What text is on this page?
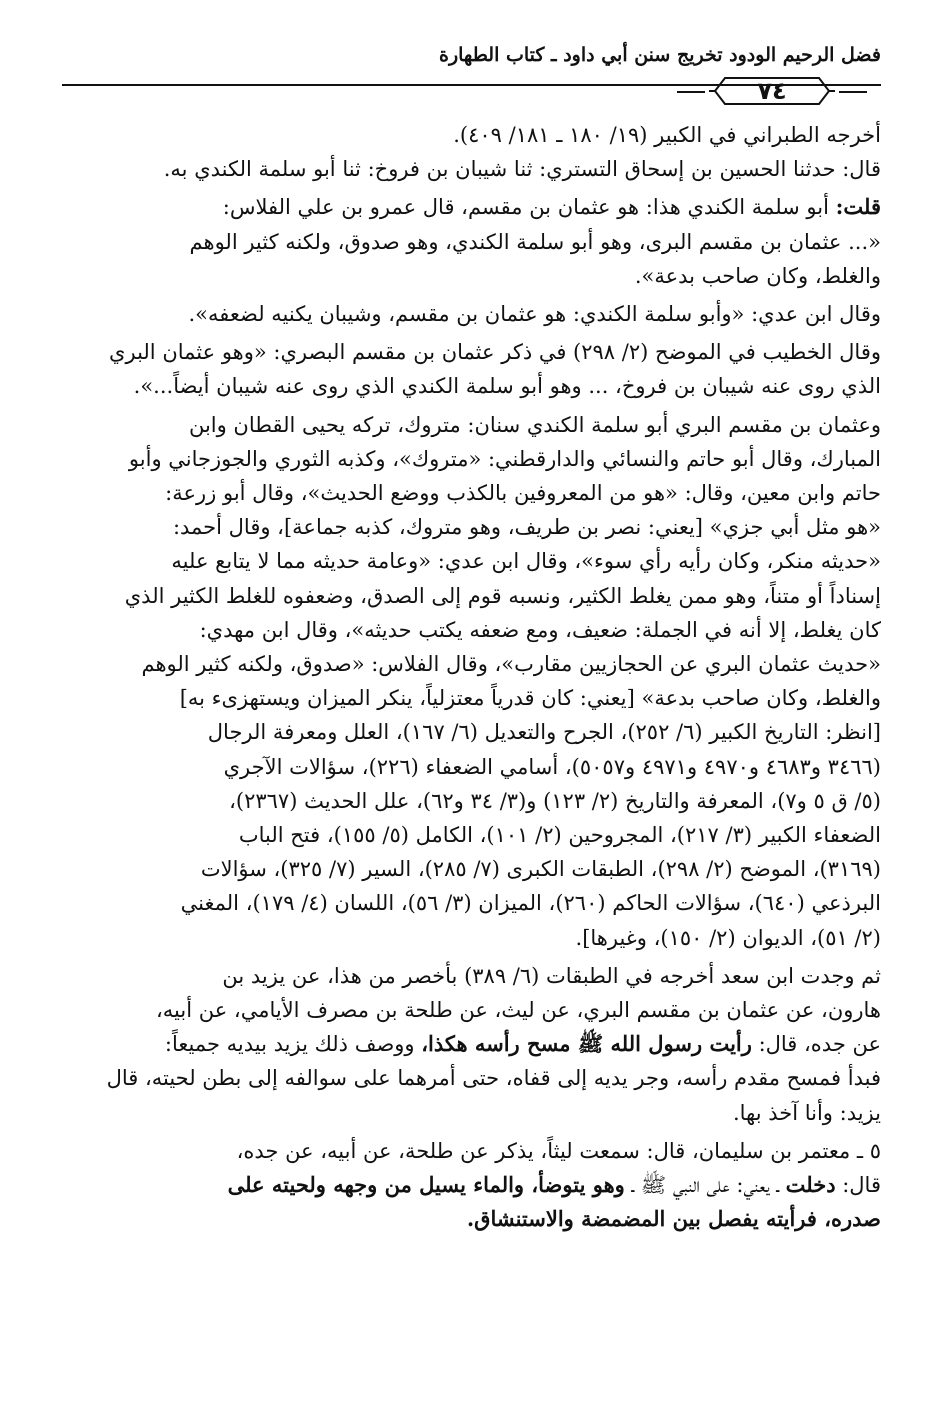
فضل الرحيم الودود تخريج سنن أبي داود ـ كتاب الطهارة
٧٤
أخرجه الطبراني في الكبير (١٩/ ١٨٠ ـ ١٨١/ ٤٠٩).
قال: حدثنا الحسين بن إسحاق التستري: ثنا شيبان بن فروخ: ثنا أبو سلمة الكندي به.
قلت: أبو سلمة الكندي هذا: هو عثمان بن مقسم، قال عمرو بن علي الفلاس:
«... عثمان بن مقسم البرى، وهو أبو سلمة الكندي، وهو صدوق، ولكنه كثير الوهم
والغلط، وكان صاحب بدعة».
وقال ابن عدي: «وأبو سلمة الكندي: هو عثمان بن مقسم، وشيبان يكنيه لضعفه».
وقال الخطيب في الموضح (٢/ ٢٩٨) في ذكر عثمان بن مقسم البصري: «وهو عثمان البري
الذي روى عنه شيبان بن فروخ، ... وهو أبو سلمة الكندي الذي روى عنه شيبان أيضاً...».
وعثمان بن مقسم البري أبو سلمة الكندي سنان: متروك، تركه يحيى القطان وابن
المبارك، وقال أبو حاتم والنسائي والدارقطني: «متروك»، وكذبه الثوري والجوزجاني وأبو
حاتم وابن معين، وقال: «هو من المعروفين بالكذب ووضع الحديث»، وقال أبو زرعة:
«هو مثل أبي جزي» [يعني: نصر بن طريف، وهو متروك، كذبه جماعة]، وقال أحمد:
«حديثه منكر، وكان رأيه رأي سوء»، وقال ابن عدي: «وعامة حديثه مما لا يتابع عليه
إسناداً أو متناً، وهو ممن يغلط الكثير، ونسبه قوم إلى الصدق، وضعفوه للغلط الكثير الذي
كان يغلط، إلا أنه في الجملة: ضعيف، ومع ضعفه يكتب حديثه»، وقال ابن مهدي:
«حديث عثمان البري عن الحجازيين مقارب»، وقال الفلاس: «صدوق، ولكنه كثير الوهم
والغلط، وكان صاحب بدعة» [يعني: كان قدرياً معتزلياً، ينكر الميزان ويستهزىء به]
[انظر: التاريخ الكبير (٦/ ٢٥٢)، الجرح والتعديل (٦/ ١٦٧)، العلل ومعرفة الرجال
(٣٤٦٦ و٤٦٨٣ و٤٩٧٠ و٤٩٧١ و٥٠٥٧)، أسامي الضعفاء (٢٢٦)، سؤالات الآجري
(٥/ ق ٥ و٧)، المعرفة والتاريخ (٢/ ١٢٣) و(٣/ ٣٤ و٦٢)، علل الحديث (٢٣٦٧)،
الضعفاء الكبير (٣/ ٢١٧)، المجروحين (٢/ ١٠١)، الكامل (٥/ ١٥٥)، فتح الباب
(٣١٦٩)، الموضح (٢/ ٢٩٨)، الطبقات الكبرى (٧/ ٢٨٥)، السير (٧/ ٣٢٥)، سؤالات
البرذعي (٦٤٠)، سؤالات الحاكم (٢٦٠)، الميزان (٣/ ٥٦)، اللسان (٤/ ١٧٩)، المغني
(٢/ ٥١)، الديوان (٢/ ١٥٠)، وغيرها].
ثم وجدت ابن سعد أخرجه في الطبقات (٦/ ٣٨٩) بأخصر من هذا، عن يزيد بن
هارون، عن عثمان بن مقسم البري، عن ليث، عن طلحة بن مصرف الأيامي، عن أبيه،
عن جده، قال: رأيت رسول الله ﷺ مسح رأسه هكذا، ووصف ذلك يزيد بيديه جميعاً:
فبدأ فمسح مقدم رأسه، وجر يديه إلى قفاه، حتى أمرهما على سوالفه إلى بطن لحيته، قال
يزيد: وأنا آخذ بها.
٥ ـ معتمر بن سليمان، قال: سمعت ليثاً، يذكر عن طلحة، عن أبيه، عن جده،
قال: دخلت ـ يعني: على النبي ﷺ ـ وهو يتوضأ، والماء يسيل من وجهه ولحيته على
صدره، فرأيته يفصل بين المضمضة والاستنشاق.
